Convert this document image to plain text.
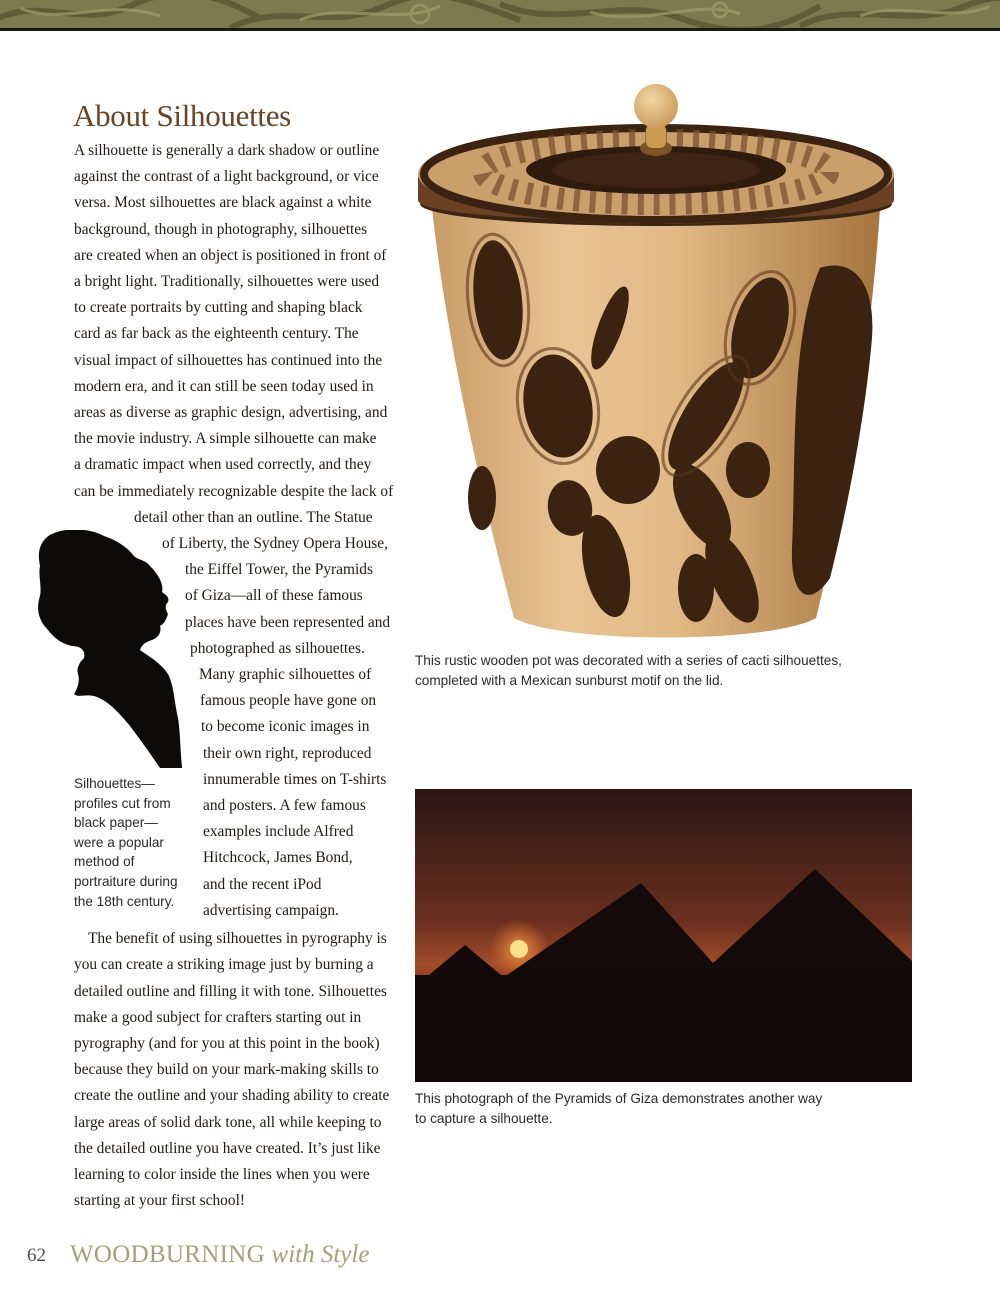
About Silhouettes
A silhouette is generally a dark shadow or outline
against the contrast of a light background, or vice
versa. Most silhouettes are black against a white
background, though in photography, silhouettes
are created when an object is positioned in front of
a bright light. Traditionally, silhouettes were used
to create portraits by cutting and shaping black
card as far back as the eighteenth century. The
visual impact of silhouettes has continued into the
modern era, and it can still be seen today used in
areas as diverse as graphic design, advertising, and
the movie industry. A simple silhouette can make
a dramatic impact when used correctly, and they
can be immediately recognizable despite the lack of
detail other than an outline. The Statue
of Liberty, the Sydney Opera House,
the Eiffel Tower, the Pyramids
of Giza—all of these famous
places have been represented and
photographed as silhouettes.
Many graphic silhouettes of
famous people have gone on
to become iconic images in
their own right, reproduced
innumerable times on T-shirts
and posters. A few famous
examples include Alfred
Hitchcock, James Bond,
and the recent iPod
advertising campaign.
The benefit of using silhouettes in pyrography is
you can create a striking image just by burning a
detailed outline and filling it with tone. Silhouettes
make a good subject for crafters starting out in
pyrography (and for you at this point in the book)
because they build on your mark-making skills to
create the outline and your shading ability to create
large areas of solid dark tone, all while keeping to
the detailed outline you have created. It’s just like
learning to color inside the lines when you were
starting at your first school!
Silhouettes—
profiles cut from
black paper—
were a popular
method of
portraiture during
the 18th century.
This rustic wooden pot was decorated with a series of cacti silhouettes,
completed with a Mexican sunburst motif on the lid.
This photograph of the Pyramids of Giza demonstrates another way
to capture a silhouette.
62 WOODBURNING with Style
